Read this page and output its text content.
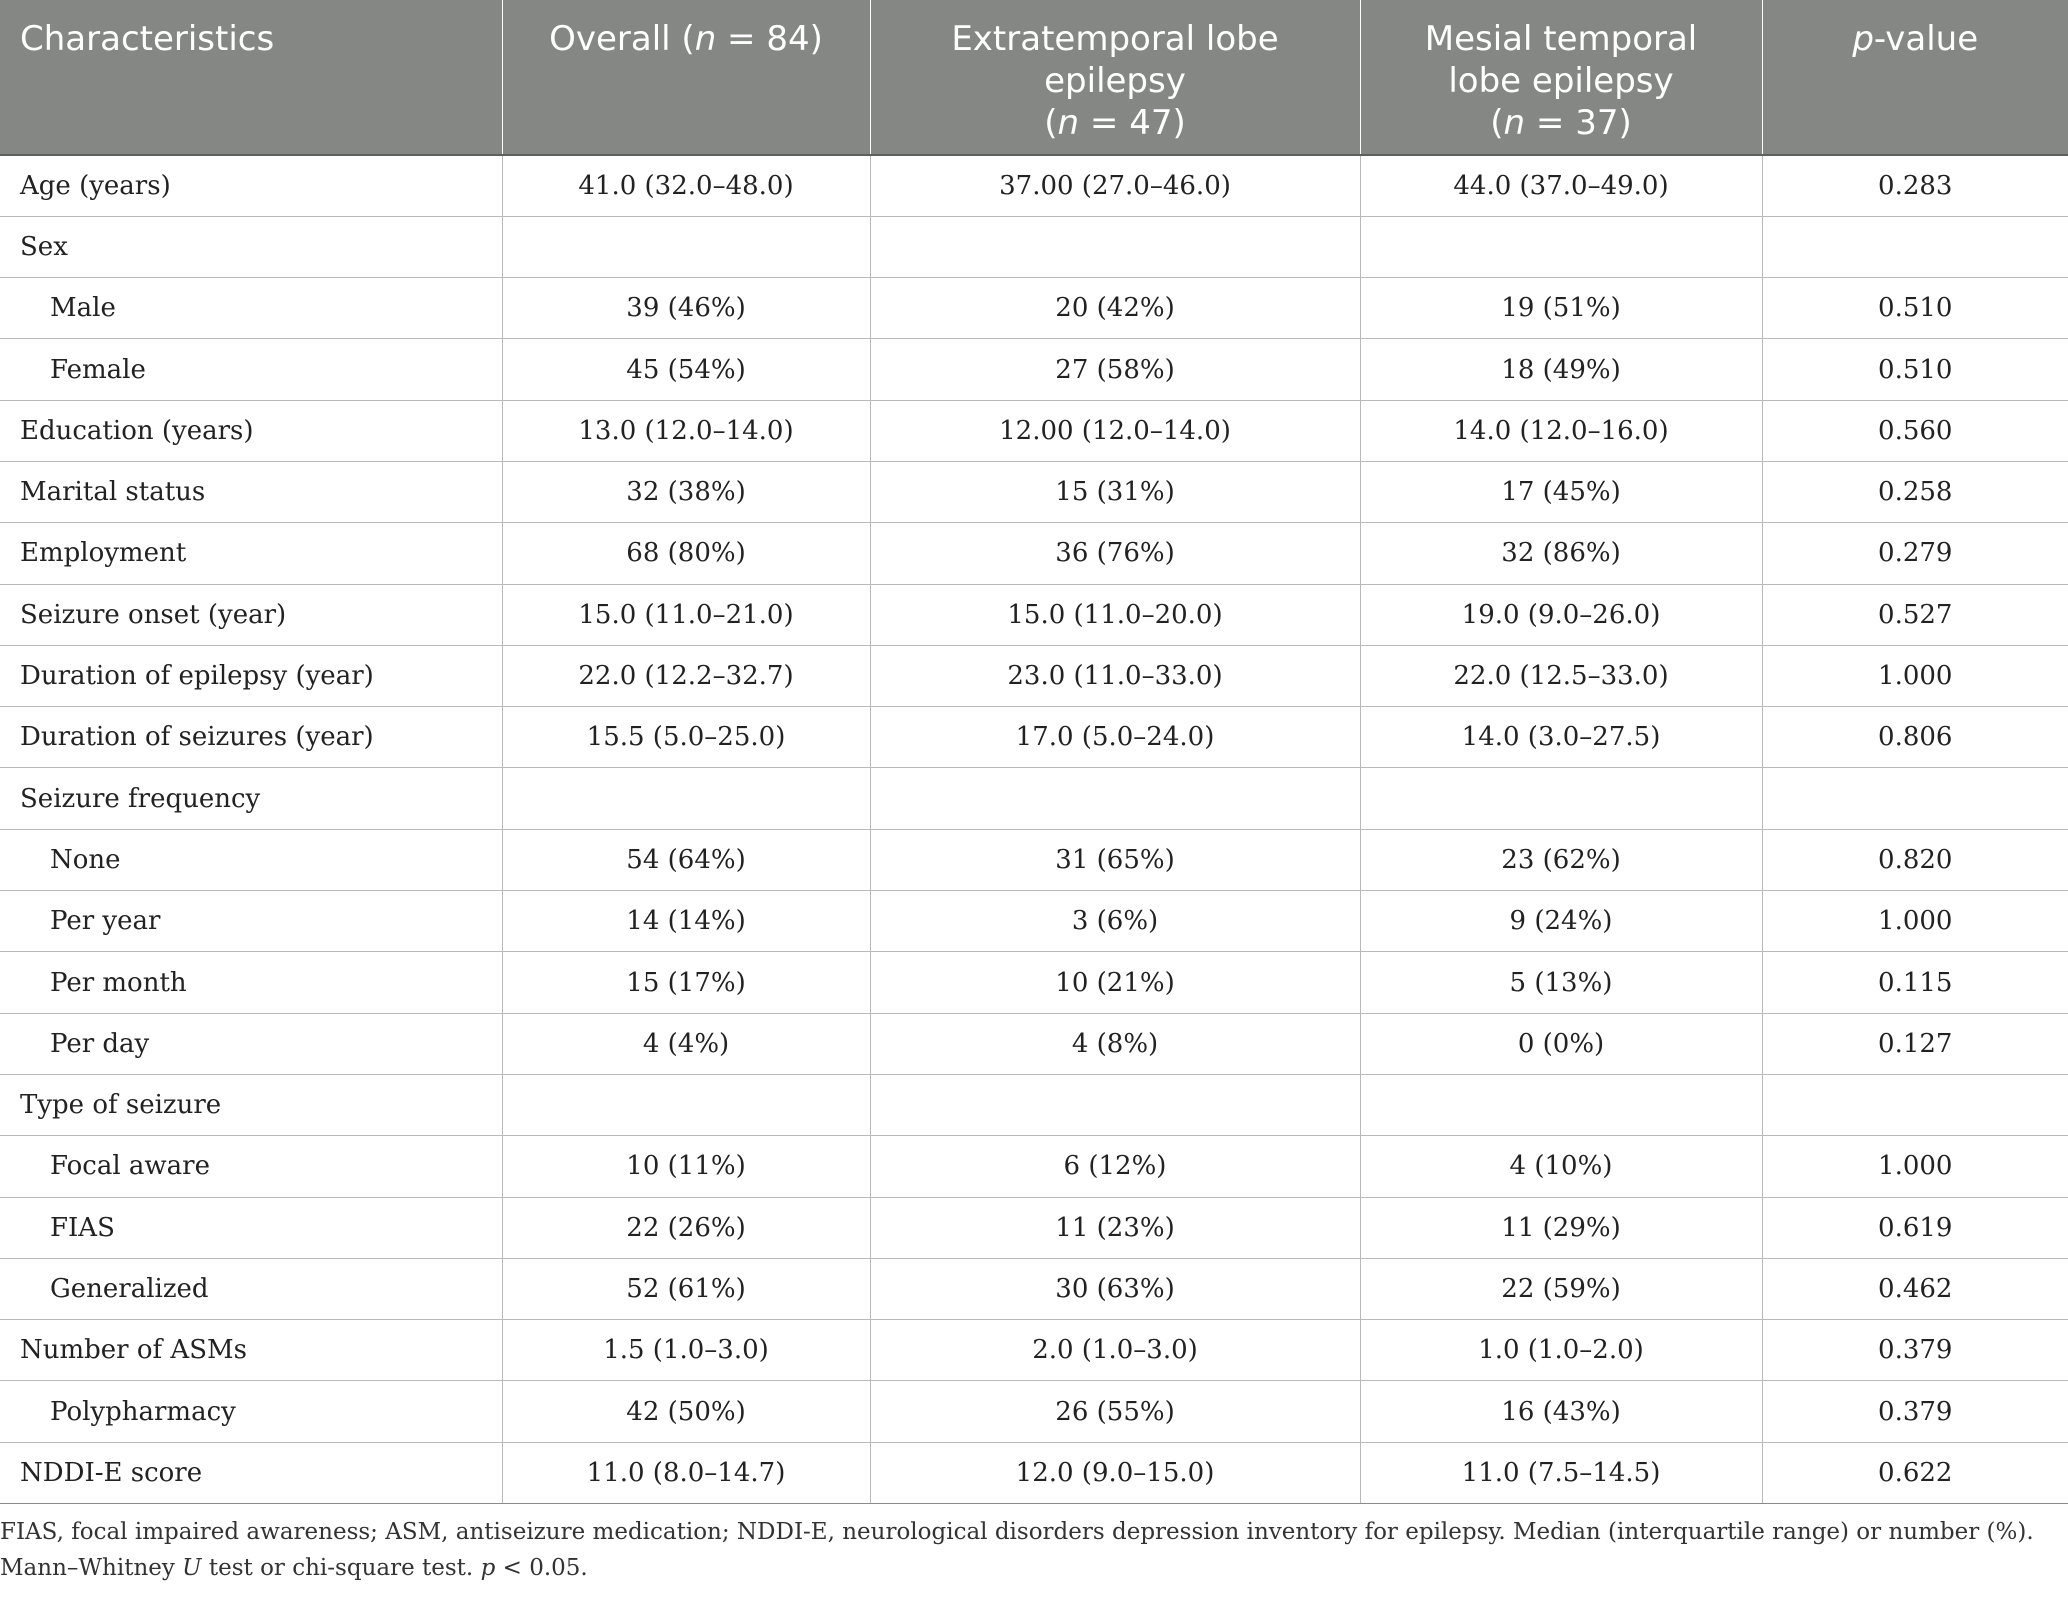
Characteristics	Overall (n = 84)	Extratemporal lobe
epilepsy
(n = 47)	Mesial temporal
lobe epilepsy
(n = 37)	p-value
Age (years)	41.0 (32.0–48.0)	37.00 (27.0–46.0)	44.0 (37.0–49.0)	0.283
Sex				
Male	39 (46%)	20 (42%)	19 (51%)	0.510
Female	45 (54%)	27 (58%)	18 (49%)	0.510
Education (years)	13.0 (12.0–14.0)	12.00 (12.0–14.0)	14.0 (12.0–16.0)	0.560
Marital status	32 (38%)	15 (31%)	17 (45%)	0.258
Employment	68 (80%)	36 (76%)	32 (86%)	0.279
Seizure onset (year)	15.0 (11.0–21.0)	15.0 (11.0–20.0)	19.0 (9.0–26.0)	0.527
Duration of epilepsy (year)	22.0 (12.2–32.7)	23.0 (11.0–33.0)	22.0 (12.5–33.0)	1.000
Duration of seizures (year)	15.5 (5.0–25.0)	17.0 (5.0–24.0)	14.0 (3.0–27.5)	0.806
Seizure frequency				
None	54 (64%)	31 (65%)	23 (62%)	0.820
Per year	14 (14%)	3 (6%)	9 (24%)	1.000
Per month	15 (17%)	10 (21%)	5 (13%)	0.115
Per day	4 (4%)	4 (8%)	0 (0%)	0.127
Type of seizure				
Focal aware	10 (11%)	6 (12%)	4 (10%)	1.000
FIAS	22 (26%)	11 (23%)	11 (29%)	0.619
Generalized	52 (61%)	30 (63%)	22 (59%)	0.462
Number of ASMs	1.5 (1.0–3.0)	2.0 (1.0–3.0)	1.0 (1.0–2.0)	0.379
Polypharmacy	42 (50%)	26 (55%)	16 (43%)	0.379
NDDI-E score	11.0 (8.0–14.7)	12.0 (9.0–15.0)	11.0 (7.5–14.5)	0.622
FIAS, focal impaired awareness; ASM, antiseizure medication; NDDI-E, neurological disorders depression inventory for epilepsy. Median (interquartile range) or number (%). Mann–Whitney U test or chi-square test. p < 0.05.
